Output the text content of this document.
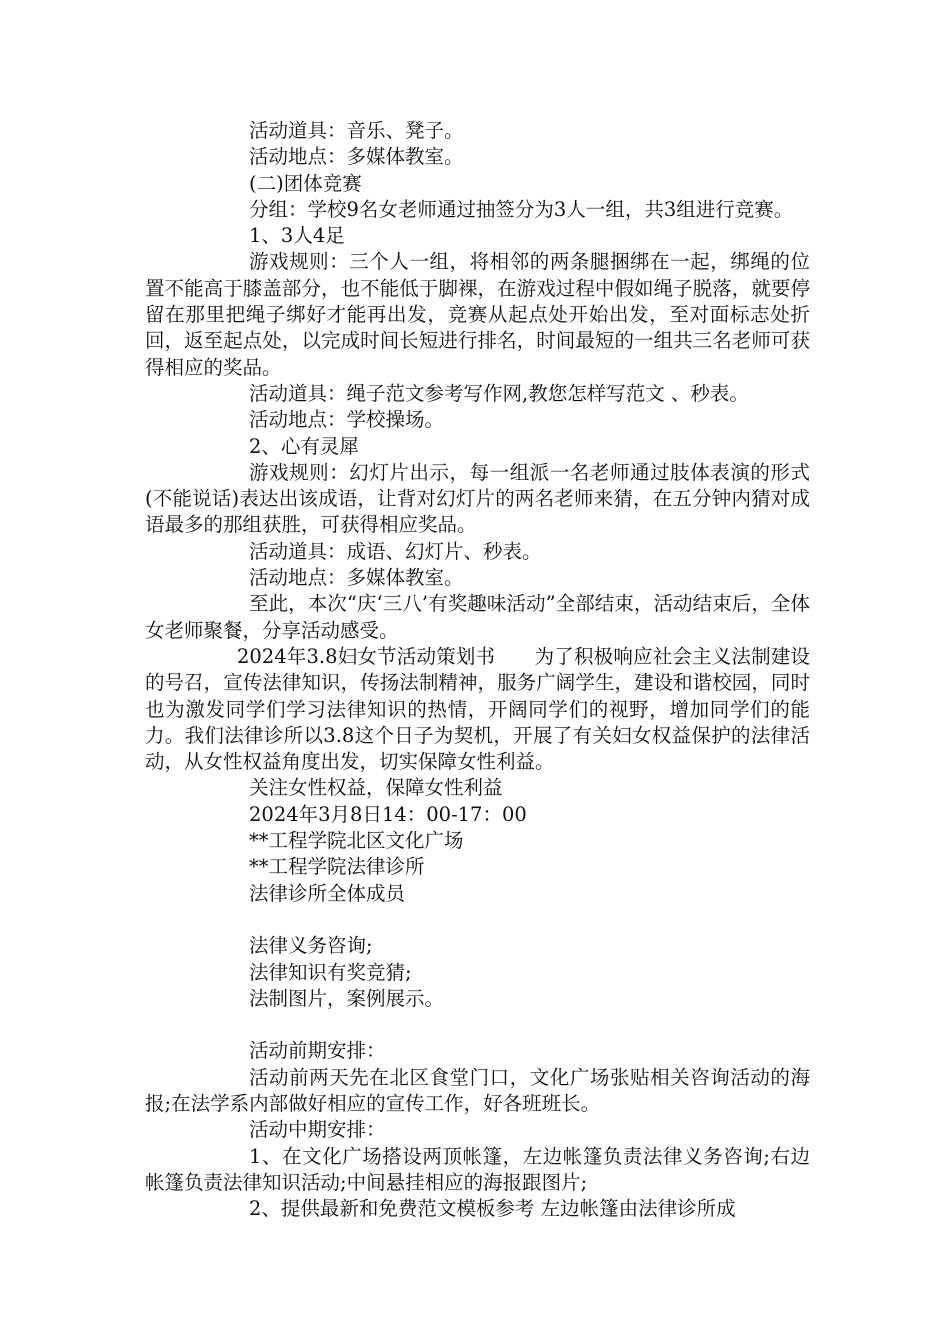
活动道具：音乐、凳子。

活动地点：多媒体教室。

(二)团体竞赛

分组：学校9名女老师通过抽签分为3人一组，共3组进行竞赛。

1、3人4足

游戏规则：三个人一组，将相邻的两条腿捆绑在一起，绑绳的位置不能高于膝盖部分，也不能低于脚裸，在游戏过程中假如绳子脱落，就要停留在那里把绳子绑好才能再出发，竞赛从起点处开始出发，至对面标志处折回，返至起点处，以完成时间长短进行排名，时间最短的一组共三名老师可获得相应的奖品。

活动道具：绳子范文参考写作网,教您怎样写范文 、秒表。

活动地点：学校操场。

2、心有灵犀

游戏规则：幻灯片出示，每一组派一名老师通过肢体表演的形式(不能说话)表达出该成语，让背对幻灯片的两名老师来猜，在五分钟内猜对成语最多的那组获胜，可获得相应奖品。

活动道具：成语、幻灯片、秒表。

活动地点：多媒体教室。

至此，本次“庆‘三八’有奖趣味活动”全部结束，活动结束后，全体女老师聚餐，分享活动感受。

2024年3.8妇女节活动策划书　　为了积极响应社会主义法制建设的号召，宣传法律知识，传扬法制精神，服务广阔学生，建设和谐校园，同时也为激发同学们学习法律知识的热情，开阔同学们的视野，增加同学们的能力。我们法律诊所以3.8这个日子为契机，开展了有关妇女权益保护的法律活动，从女性权益角度出发，切实保障女性利益。

关注女性权益，保障女性利益

2024年3月8日14：00-17：00

**工程学院北区文化广场

**工程学院法律诊所

法律诊所全体成员

法律义务咨询;

法律知识有奖竞猜;

法制图片，案例展示。

活动前期安排：

活动前两天先在北区食堂门口，文化广场张贴相关咨询活动的海报;在法学系内部做好相应的宣传工作，好各班班长。

活动中期安排：

1、在文化广场搭设两顶帐篷，左边帐篷负责法律义务咨询;右边帐篷负责法律知识活动;中间悬挂相应的海报跟图片;

2、提供最新和免费范文模板参考 左边帐篷由法律诊所成
